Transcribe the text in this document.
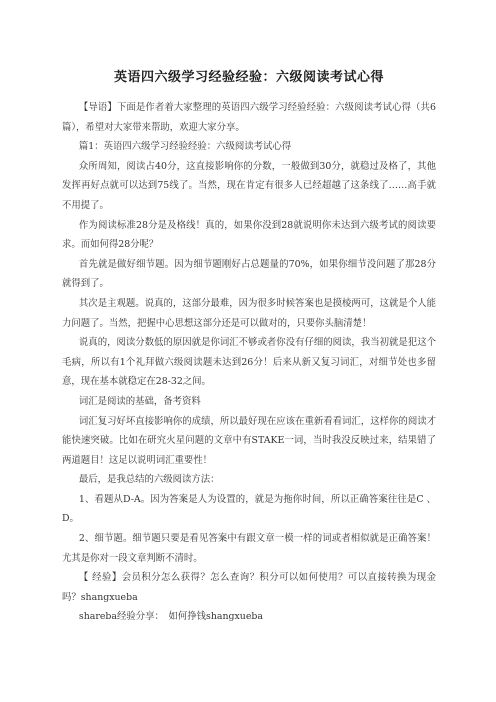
英语四六级学习经验经验：六级阅读考试心得

【导语】下面是作者着大家整理的英语四六级学习经验经验：六级阅读考试心得（共6篇），希望对大家带来帮助，欢迎大家分享。

篇1：英语四六级学习经验经验：六级阅读考试心得

众所周知，阅读占40分，这直接影响你的分数，一般做到30分，就稳过及格了，其他发挥再好点就可以达到75线了。当然，现在肯定有很多人已经超越了这条线了……高手就不用提了。

作为阅读标准28分是及格线！真的，如果你没到28就说明你未达到六级考试的阅读要求。而如何得28分呢？

首先就是做好细节题。因为细节题刚好占总题量的70%，如果你细节没问题了那28分就得到了。

其次是主观题。说真的，这部分最难，因为很多时候答案也是摸棱两可，这就是个人能力问题了。当然，把握中心思想这部分还是可以做对的，只要你头脑清楚！

说真的，阅读分数低的原因就是你词汇不够或者你没有仔细的阅读，我当初就是犯这个毛病，所以有1个礼拜做六级阅读题未达到26分！后来从新又复习词汇，对细节处也多留意，现在基本就稳定在28-32之间。

词汇是阅读的基础，备考资料

词汇复习好坏直接影响你的成绩，所以最好现在应该在重新看看词汇，这样你的阅读才能快速突破。比如在研究火星问题的文章中有STAKE一词，当时我没反映过来，结果错了两道题目！这足以说明词汇重要性！

最后，是我总结的六级阅读方法：

1、看题从D-A。因为答案是人为设置的，就是为拖你时间，所以正确答案往往是C 、D。

2、细节题。细节题只要是看见答案中有跟文章一模一样的词或者相似就是正确答案！尤其是你对一段文章判断不清时。

【 经验】会员积分怎么获得？怎么查询？积分可以如何使用？可以直接转换为现金吗？shangxueba

shareba经验分享：　如何挣钱shangxueba
